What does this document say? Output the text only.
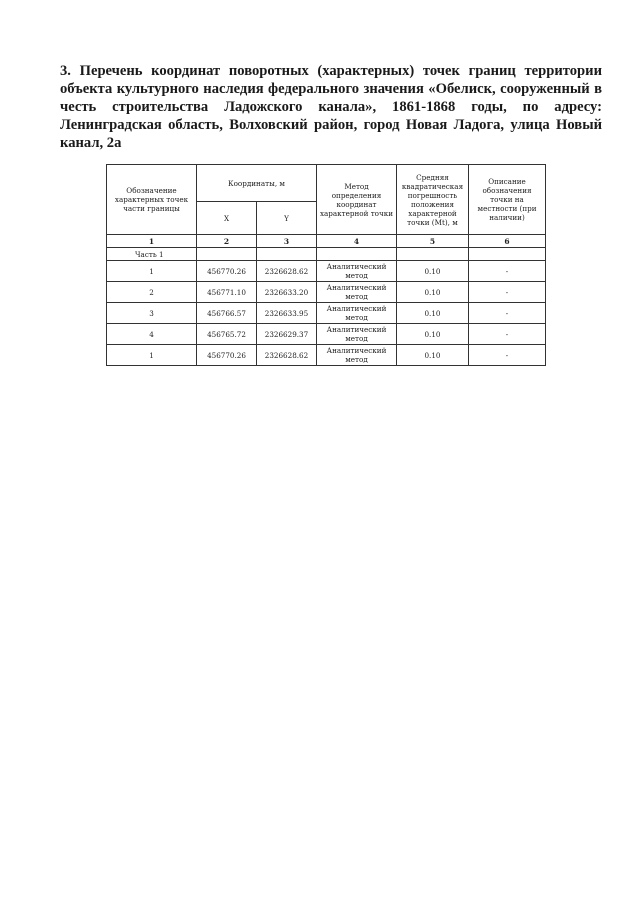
3. Перечень координат поворотных (характерных) точек границ территории объекта культурного наследия федерального значения «Обелиск, сооруженный в честь строительства Ладожского канала», 1861-1868 годы, по адресу: Ленинградская область, Волховский район, город Новая Ладога, улица Новый канал, 2а

Обозначение характерных точек части границы	Координаты, м		Метод определения координат характерной точки	Средняя квадратическая погрешность положения характерной точки (Mt), м	Описание обозначения точки на местности (при наличии)
	X	Y			
1	2	3	4	5	6
Часть 1					
1	456770.26	2326628.62	Аналитический метод	0.10	-
2	456771.10	2326633.20	Аналитический метод	0.10	-
3	456766.57	2326633.95	Аналитический метод	0.10	-
4	456765.72	2326629.37	Аналитический метод	0.10	-
1	456770.26	2326628.62	Аналитический метод	0.10	-
